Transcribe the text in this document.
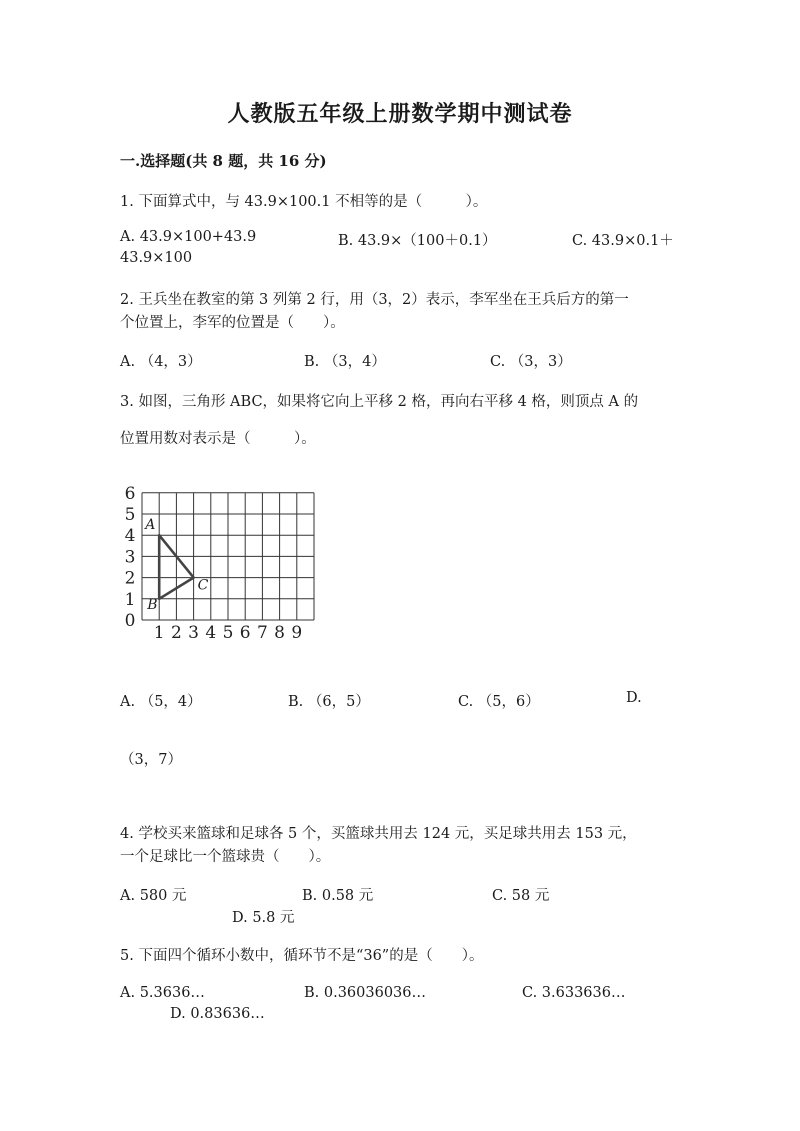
人教版五年级上册数学期中测试卷
一.选择题(共 8 题，共 16 分)
1. 下面算式中，与 43.9×100.1 不相等的是（　　　）。
A. 43.9×100+43.9	B. 43.9×（100＋0.1）	C. 43.9×0.1＋
43.9×100
2. 王兵坐在教室的第 3 列第 2 行，用（3，2）表示，李军坐在王兵后方的第一
个位置上，李军的位置是（　　）。
A. （4，3）	B. （3，4）	C. （3，3）
3. 如图，三角形 ABC，如果将它向上平移 2 格，再向右平移 4 格，则顶点 A 的
位置用数对表示是（　　　）。
1 2 3 4 5 6 7 8 9
0
1
2
3
4
5
6
A
B
C
A. （5，4）	B. （6，5）	C. （5，6）	D.
（3，7）
4. 学校买来篮球和足球各 5 个，买篮球共用去 124 元，买足球共用去 153 元，
一个足球比一个篮球贵（　　）。
A. 580 元	B. 0.58 元	C. 58 元
D. 5.8 元
5. 下面四个循环小数中，循环节不是“36”的是（　　）。
A. 5.3636…	B. 0.36036036…	C. 3.633636…
D. 0.83636…
